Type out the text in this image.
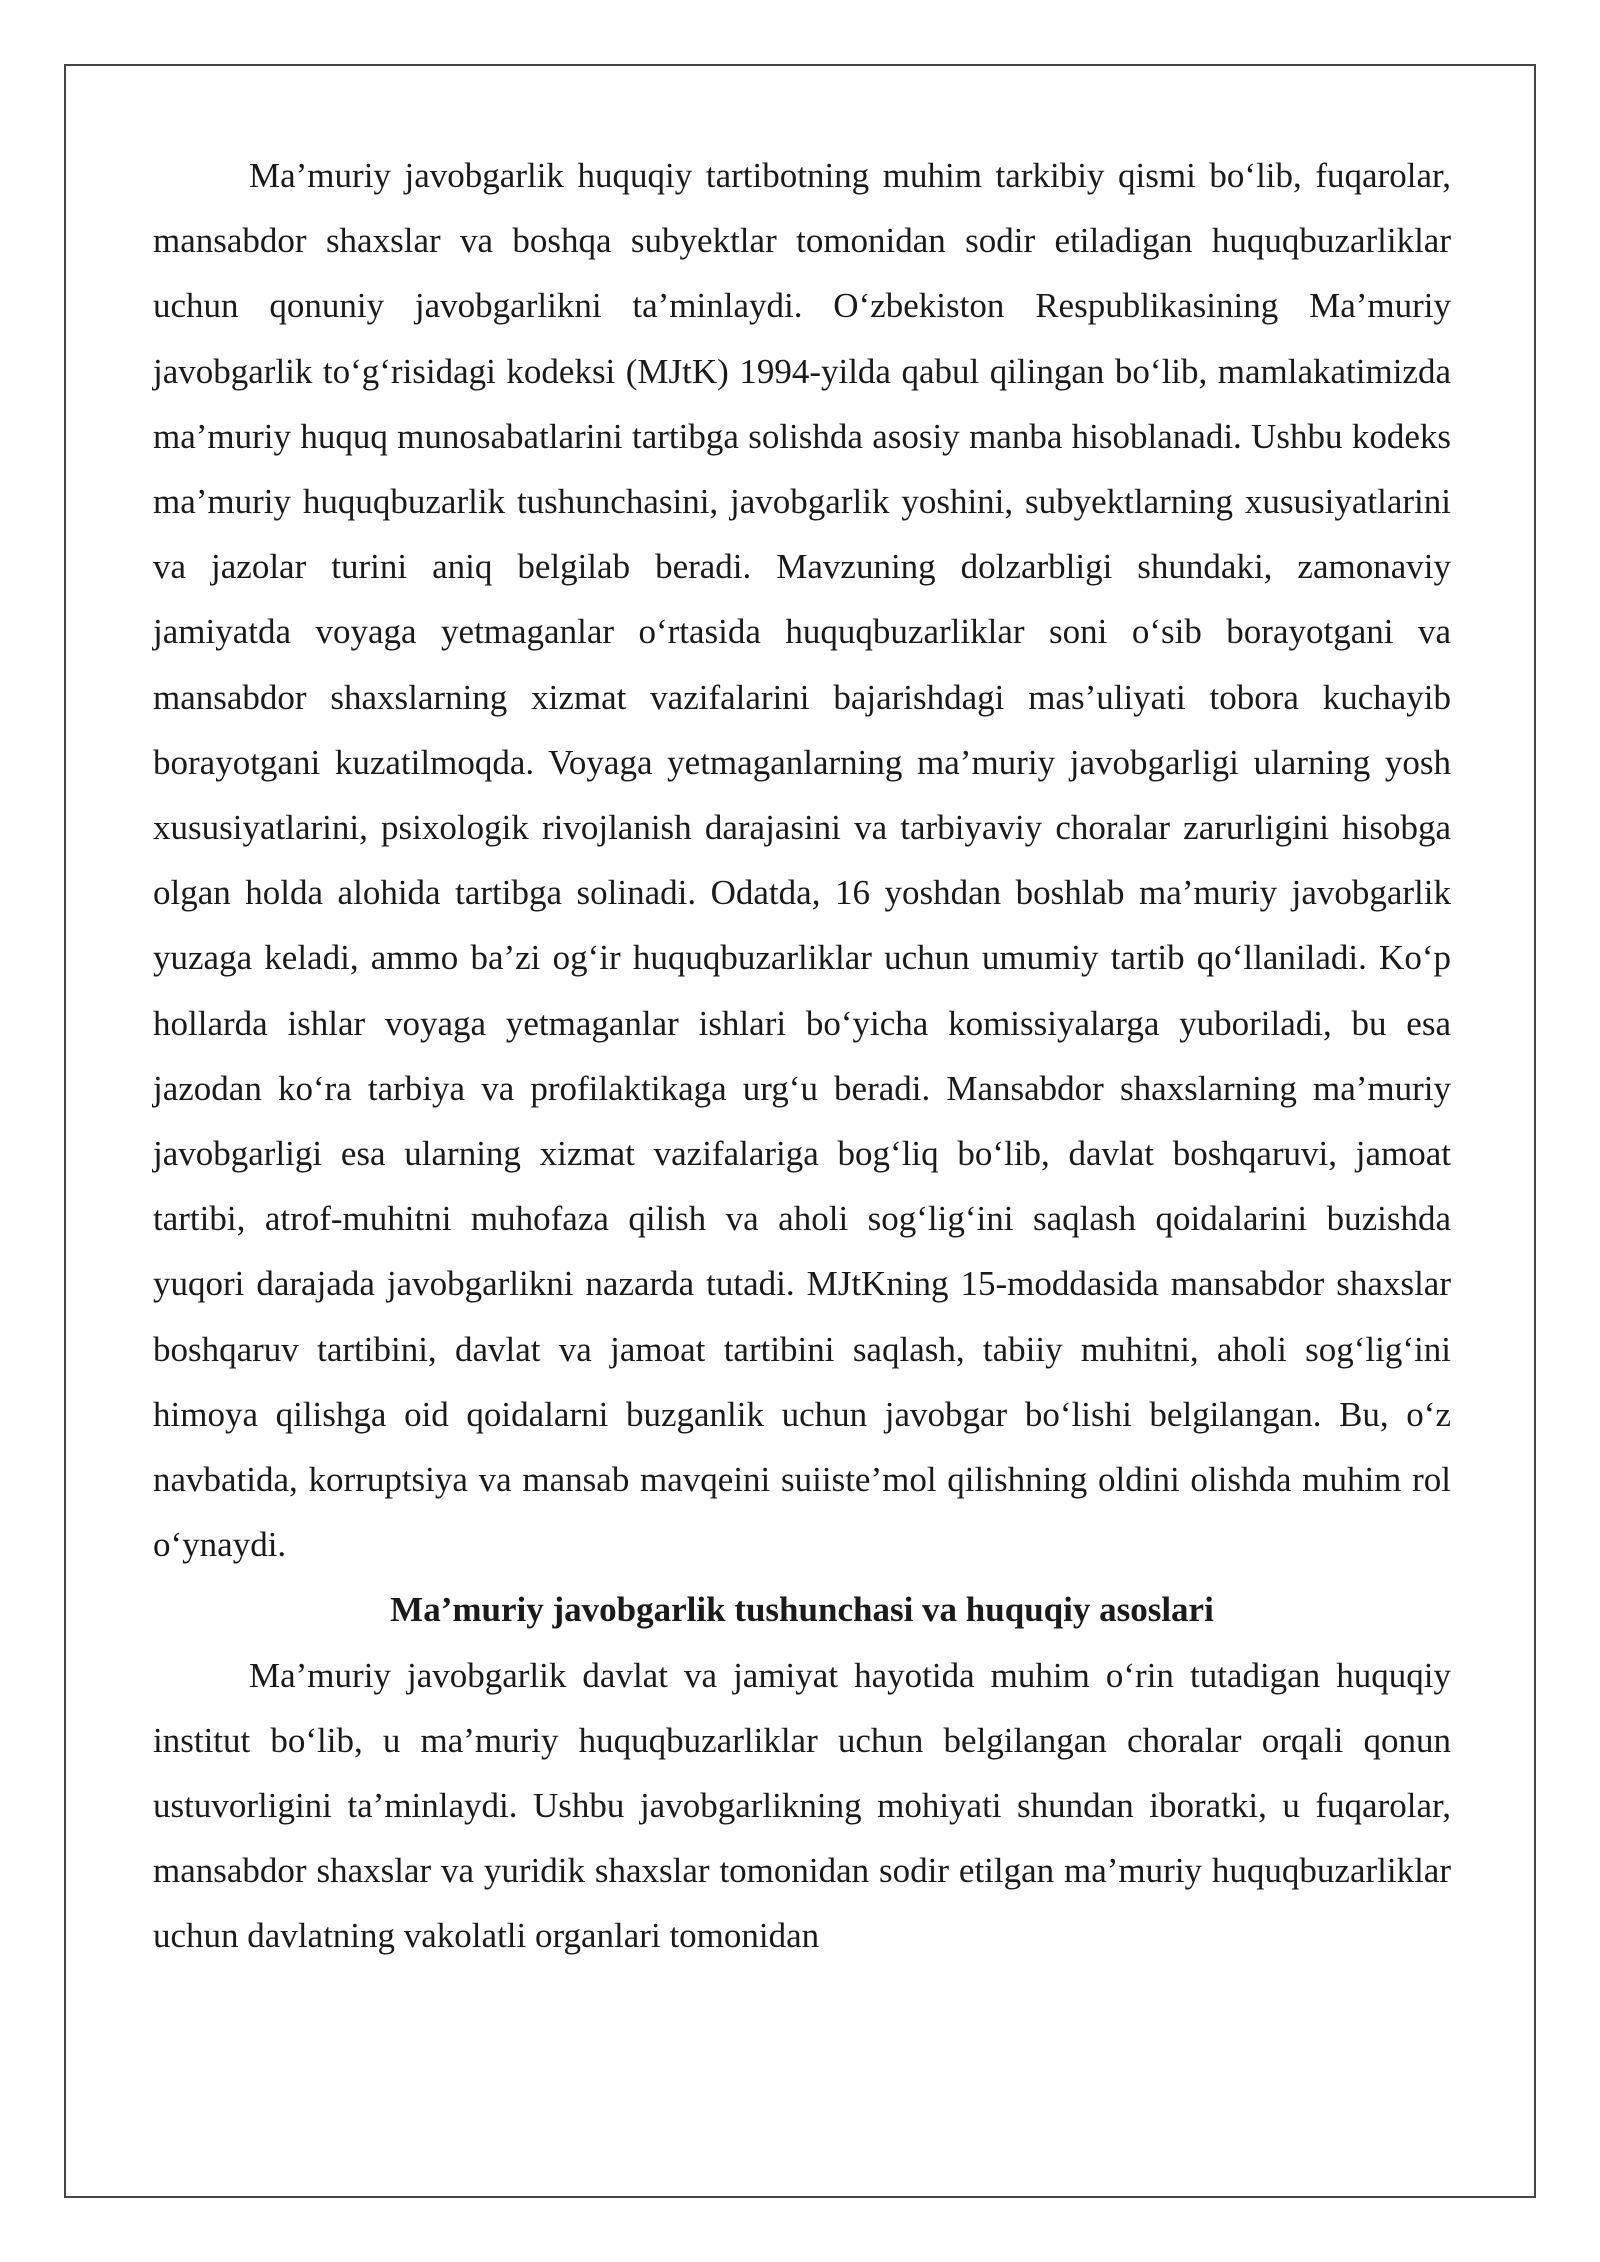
Ma’muriy javobgarlik huquqiy tartibotning muhim tarkibiy qismi bo‘lib, fuqarolar, mansabdor shaxslar va boshqa subyektlar tomonidan sodir etiladigan huquqbuzarliklar uchun qonuniy javobgarlikni ta’minlaydi. O‘zbekiston Respublikasining Ma’muriy javobgarlik to‘g‘risidagi kodeksi (MJtK) 1994-yilda qabul qilingan bo‘lib, mamlakatimizda ma’muriy huquq munosabatlarini tartibga solishda asosiy manba hisoblanadi. Ushbu kodeks ma’muriy huquqbuzarlik tushunchasini, javobgarlik yoshini, subyektlarning xususiyatlarini va jazolar turini aniq belgilab beradi. Mavzuning dolzarbligi shundaki, zamonaviy jamiyatda voyaga yetmaganlar o‘rtasida huquqbuzarliklar soni o‘sib borayotgani va mansabdor shaxslarning xizmat vazifalarini bajarishdagi mas’uliyati tobora kuchayib borayotgani kuzatilmoqda. Voyaga yetmaganlarning ma’muriy javobgarligi ularning yosh xususiyatlarini, psixologik rivojlanish darajasini va tarbiyaviy choralar zarurligini hisobga olgan holda alohida tartibga solinadi. Odatda, 16 yoshdan boshlab ma’muriy javobgarlik yuzaga keladi, ammo ba’zi og‘ir huquqbuzarliklar uchun umumiy tartib qo‘llaniladi. Ko‘p hollarda ishlar voyaga yetmaganlar ishlari bo‘yicha komissiyalarga yuboriladi, bu esa jazodan ko‘ra tarbiya va profilaktikaga urg‘u beradi. Mansabdor shaxslarning ma’muriy javobgarligi esa ularning xizmat vazifalariga bog‘liq bo‘lib, davlat boshqaruvi, jamoat tartibi, atrof-muhitni muhofaza qilish va aholi sog‘lig‘ini saqlash qoidalarini buzishda yuqori darajada javobgarlikni nazarda tutadi. MJtKning 15-moddasida mansabdor shaxslar boshqaruv tartibini, davlat va jamoat tartibini saqlash, tabiiy muhitni, aholi sog‘lig‘ini himoya qilishga oid qoidalarni buzganlik uchun javobgar bo‘lishi belgilangan. Bu, o‘z navbatida, korruptsiya va mansab mavqeini suiiste’mol qilishning oldini olishda muhim rol o‘ynaydi.

Ma’muriy javobgarlik tushunchasi va huquqiy asoslari

Ma’muriy javobgarlik davlat va jamiyat hayotida muhim o‘rin tutadigan huquqiy institut bo‘lib, u ma’muriy huquqbuzarliklar uchun belgilangan choralar orqali qonun ustuvorligini ta’minlaydi. Ushbu javobgarlikning mohiyati shundan iboratki, u fuqarolar, mansabdor shaxslar va yuridik shaxslar tomonidan sodir etilgan ma’muriy huquqbuzarliklar uchun davlatning vakolatli organlari tomonidan
